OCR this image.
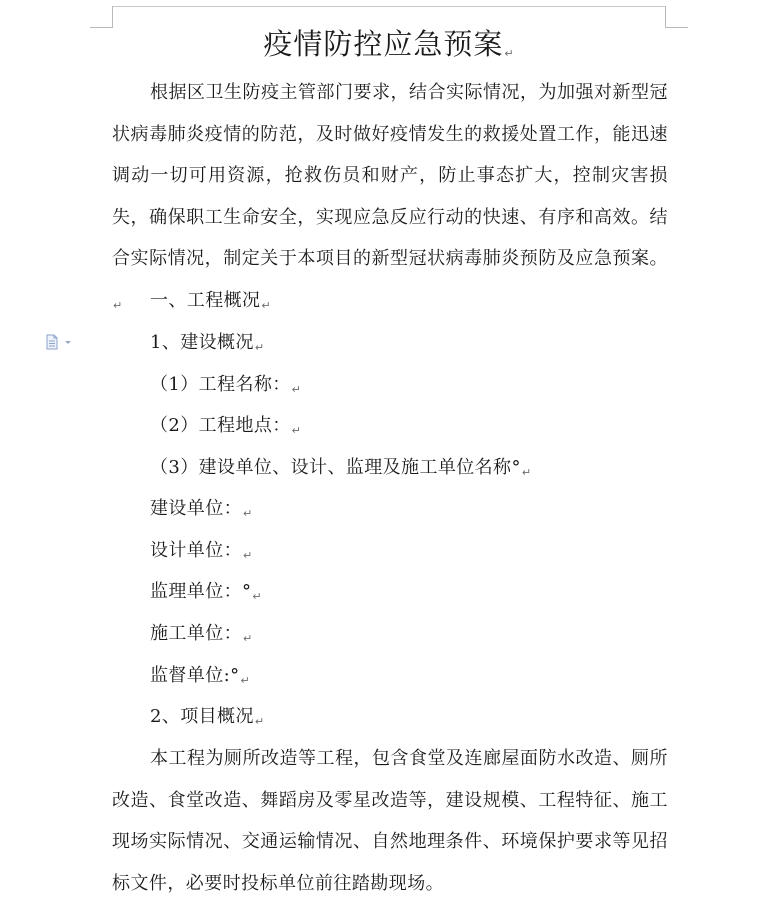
疫情防控应急预案↵
根据区卫生防疫主管部门要求，结合实际情况，为加强对新型冠状病毒肺炎疫情的防范，及时做好疫情发生的救援处置工作，能迅速调动一切可用资源，抢救伤员和财产，防止事态扩大，控制灾害损失，确保职工生命安全，实现应急反应行动的快速、有序和高效。结合实际情况，制定关于本项目的新型冠状病毒肺炎预防及应急预案。↵	一、工程概况↵
1、建设概况↵
（1）工程名称：↵
（2）工程地点：↵
（3）建设单位、设计、监理及施工单位名称°↵
建设单位：↵
设计单位：↵
监理单位：°↵
施工单位：↵
监督单位:°↵
2、项目概况↵
本工程为厕所改造等工程，包含食堂及连廊屋面防水改造、厕所改造、食堂改造、舞蹈房及零星改造等，建设规模、工程特征、施工现场实际情况、交通运输情况、自然地理条件、环境保护要求等见招标文件，必要时投标单位前往踏勘现场。
